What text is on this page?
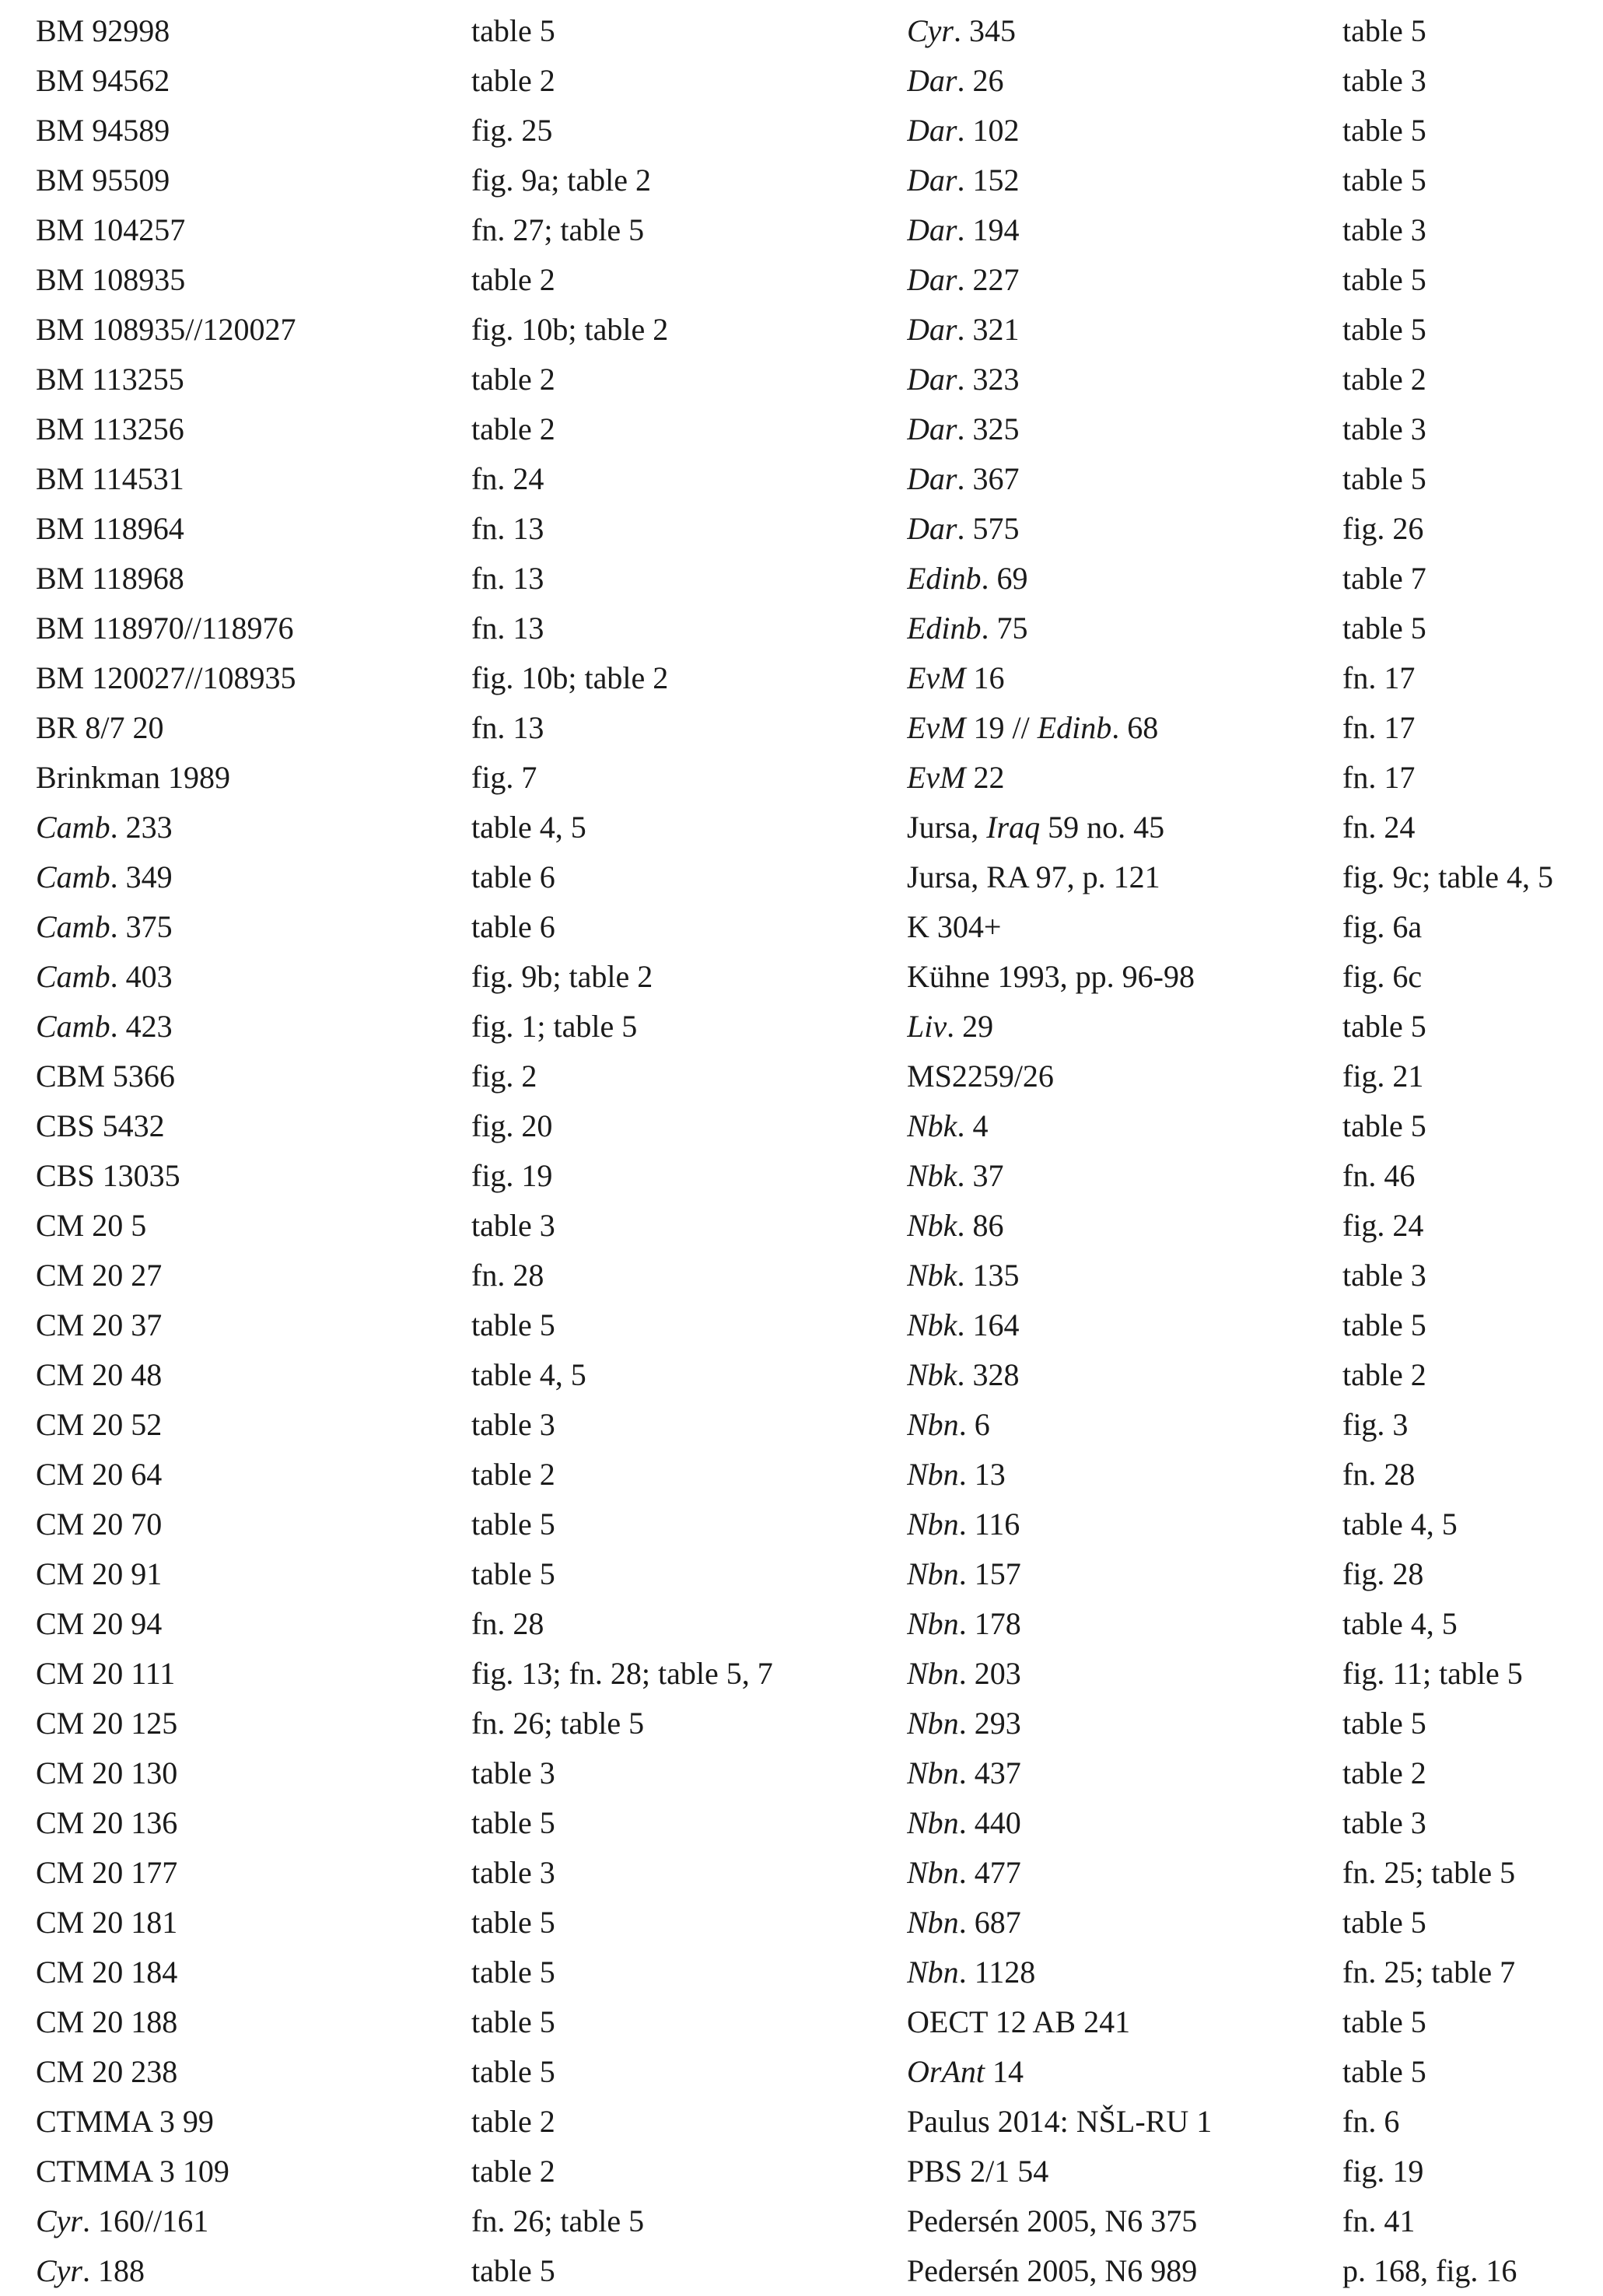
BM 92998	table 5
BM 94562	table 2
BM 94589	fig. 25
BM 95509	fig. 9a; table 2
BM 104257	fn. 27; table 5
BM 108935	table 2
BM 108935//120027	fig. 10b; table 2
BM 113255	table 2
BM 113256	table 2
BM 114531	fn. 24
BM 118964	fn. 13
BM 118968	fn. 13
BM 118970//118976	fn. 13
BM 120027//108935	fig. 10b; table 2
BR 8/7 20	fn. 13
Brinkman 1989	fig. 7
Camb. 233	table 4, 5
Camb. 349	table 6
Camb. 375	table 6
Camb. 403	fig. 9b; table 2
Camb. 423	fig. 1; table 5
CBM 5366	fig. 2
CBS 5432	fig. 20
CBS 13035	fig. 19
CM 20 5	table 3
CM 20 27	fn. 28
CM 20 37	table 5
CM 20 48	table 4, 5
CM 20 52	table 3
CM 20 64	table 2
CM 20 70	table 5
CM 20 91	table 5
CM 20 94	fn. 28
CM 20 111	fig. 13; fn. 28; table 5, 7
CM 20 125	fn. 26; table 5
CM 20 130	table 3
CM 20 136	table 5
CM 20 177	table 3
CM 20 181	table 5
CM 20 184	table 5
CM 20 188	table 5
CM 20 238	table 5
CTMMA 3 99	table 2
CTMMA 3 109	table 2
Cyr. 160//161	fn. 26; table 5
Cyr. 188	table 5
Cyr. 345	table 5
Dar. 26	table 3
Dar. 102	table 5
Dar. 152	table 5
Dar. 194	table 3
Dar. 227	table 5
Dar. 321	table 5
Dar. 323	table 2
Dar. 325	table 3
Dar. 367	table 5
Dar. 575	fig. 26
Edinb. 69	table 7
Edinb. 75	table 5
EvM 16	fn. 17
EvM 19 // Edinb. 68	fn. 17
EvM 22	fn. 17
Jursa, Iraq 59 no. 45	fn. 24
Jursa, RA 97, p. 121	fig. 9c; table 4, 5
K 304+	fig. 6a
Kühne 1993, pp. 96-98	fig. 6c
Liv. 29	table 5
MS2259/26	fig. 21
Nbk. 4	table 5
Nbk. 37	fn. 46
Nbk. 86	fig. 24
Nbk. 135	table 3
Nbk. 164	table 5
Nbk. 328	table 2
Nbn. 6	fig. 3
Nbn. 13	fn. 28
Nbn. 116	table 4, 5
Nbn. 157	fig. 28
Nbn. 178	table 4, 5
Nbn. 203	fig. 11; table 5
Nbn. 293	table 5
Nbn. 437	table 2
Nbn. 440	table 3
Nbn. 477	fn. 25; table 5
Nbn. 687	table 5
Nbn. 1128	fn. 25; table 7
OECT 12 AB 241	table 5
OrAnt 14	table 5
Paulus 2014: NŠL-RU 1	fn. 6
PBS 2/1 54	fig. 19
Pedersén 2005, N6 375	fn. 41
Pedersén 2005, N6 989	p. 168, fig. 16
